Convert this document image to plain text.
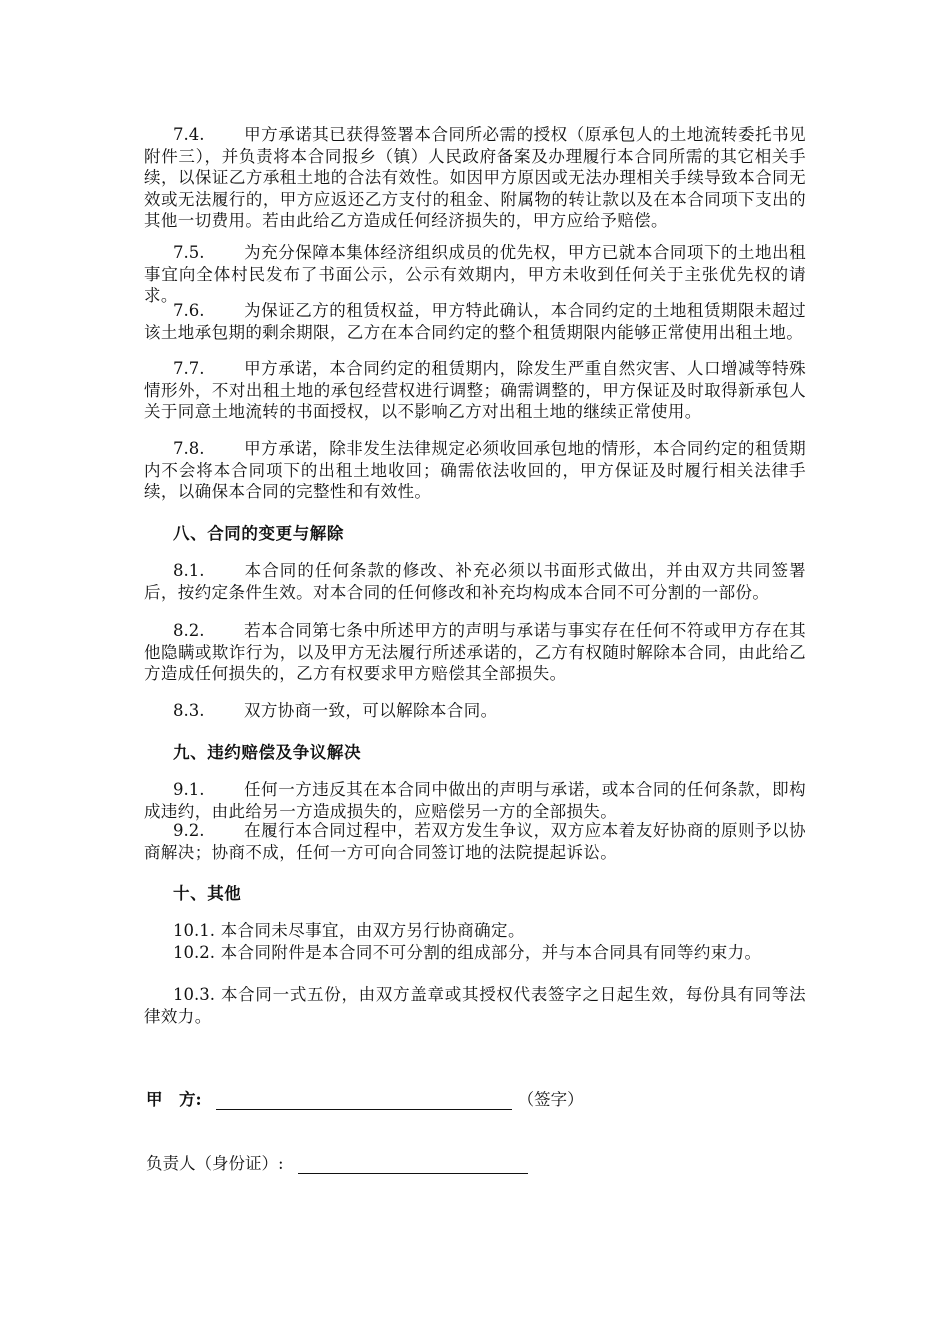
7.4. 甲方承诺其已获得签署本合同所必需的授权（原承包人的土地流转委托书见附件三），并负责将本合同报乡（镇）人民政府备案及办理履行本合同所需的其它相关手续，以保证乙方承租土地的合法有效性。如因甲方原因或无法办理相关手续导致本合同无效或无法履行的，甲方应返还乙方支付的租金、附属物的转让款以及在本合同项下支出的其他一切费用。若由此给乙方造成任何经济损失的，甲方应给予赔偿。
7.5. 为充分保障本集体经济组织成员的优先权，甲方已就本合同项下的土地出租事宜向全体村民发布了书面公示，公示有效期内，甲方未收到任何关于主张优先权的请求。
7.6. 为保证乙方的租赁权益，甲方特此确认，本合同约定的土地租赁期限未超过该土地承包期的剩余期限，乙方在本合同约定的整个租赁期限内能够正常使用出租土地。
7.7. 甲方承诺，本合同约定的租赁期内，除发生严重自然灾害、人口增减等特殊情形外，不对出租土地的承包经营权进行调整；确需调整的，甲方保证及时取得新承包人关于同意土地流转的书面授权，以不影响乙方对出租土地的继续正常使用。
7.8. 甲方承诺，除非发生法律规定必须收回承包地的情形，本合同约定的租赁期内不会将本合同项下的出租土地收回；确需依法收回的，甲方保证及时履行相关法律手续，以确保本合同的完整性和有效性。
八、合同的变更与解除
8.1. 本合同的任何条款的修改、补充必须以书面形式做出，并由双方共同签署后，按约定条件生效。对本合同的任何修改和补充均构成本合同不可分割的一部份。
8.2. 若本合同第七条中所述甲方的声明与承诺与事实存在任何不符或甲方存在其他隐瞒或欺诈行为，以及甲方无法履行所述承诺的，乙方有权随时解除本合同，由此给乙方造成任何损失的，乙方有权要求甲方赔偿其全部损失。
8.3. 双方协商一致，可以解除本合同。
九、违约赔偿及争议解决
9.1. 任何一方违反其在本合同中做出的声明与承诺，或本合同的任何条款，即构成违约，由此给另一方造成损失的，应赔偿另一方的全部损失。
9.2. 在履行本合同过程中，若双方发生争议，双方应本着友好协商的原则予以协商解决；协商不成，任何一方可向合同签订地的法院提起诉讼。
十、其他
10.1. 本合同未尽事宜，由双方另行协商确定。
10.2. 本合同附件是本合同不可分割的组成部分，并与本合同具有同等约束力。
10.3. 本合同一式五份，由双方盖章或其授权代表签字之日起生效，每份具有同等法律效力。
甲　方:	（签字）
负责人（身份证）:
